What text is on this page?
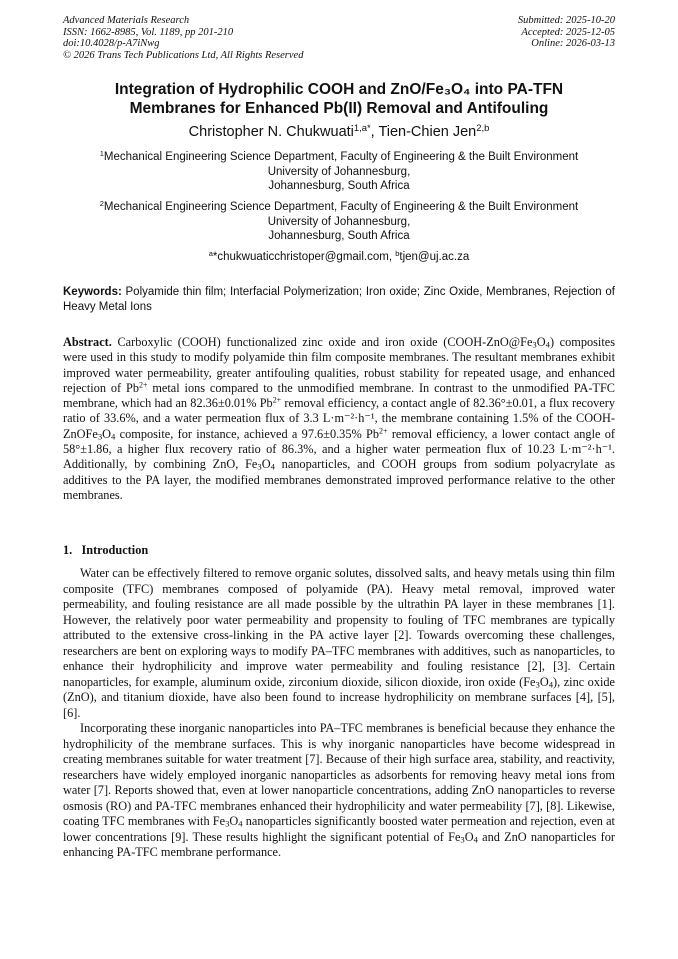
Advanced Materials Research
ISSN: 1662-8985, Vol. 1189, pp 201-210
doi:10.4028/p-A7iNwg
© 2026 Trans Tech Publications Ltd, All Rights Reserved
Submitted: 2025-10-20
Accepted: 2025-12-05
Online: 2026-03-13
Integration of Hydrophilic COOH and ZnO/Fe₃O₄ into PA-TFN
Membranes for Enhanced Pb(II) Removal and Antifouling
Christopher N. Chukwuati$^{1,a*}$, Tien-Chien Jen$^{2,b}$
$^1$Mechanical Engineering Science Department, Faculty of Engineering & the Built Environment
University of Johannesburg,
Johannesburg, South Africa
$^2$Mechanical Engineering Science Department, Faculty of Engineering & the Built Environment
University of Johannesburg,
Johannesburg, South Africa
$^a$*chukwuaticchristoper@gmail.com, $^b$tjen@uj.ac.za
Keywords: Polyamide thin film; Interfacial Polymerization; Iron oxide; Zinc Oxide, Membranes, Rejection of Heavy Metal Ions
Abstract. Carboxylic (COOH) functionalized zinc oxide and iron oxide $(COOH-ZnO@Fe_3O_4)$ composites were used in this study to modify polyamide thin film composite membranes. The resultant membranes exhibit improved water permeability, greater antifouling qualities, robust stability for repeated usage, and enhanced rejection of $Pb^{2+}$ metal ions compared to the unmodified membrane. In contrast to the unmodified PA-TFC membrane, which had an 82.36±0.01% $Pb^{2+}$ removal efficiency, a contact angle of 82.36°±0.01, a flux recovery ratio of 33.6%, and a water permeation flux of 3.3 L·m⁻²·h⁻¹, the membrane containing 1.5% of the COOH-$ZnOFe_3O_4$ composite, for instance, achieved a 97.6±0.35% $Pb^{2+}$ removal efficiency, a lower contact angle of 58°±1.86, a higher flux recovery ratio of 86.3%, and a higher water permeation flux of 10.23 L·m⁻²·h⁻¹. Additionally, by combining ZnO, $Fe_3O_4$ nanoparticles, and COOH groups from sodium polyacrylate as additives to the PA layer, the modified membranes demonstrated improved performance relative to the other membranes.
1.   Introduction

Water can be effectively filtered to remove organic solutes, dissolved salts, and heavy metals using thin film composite (TFC) membranes composed of polyamide (PA). Heavy metal removal, improved water permeability, and fouling resistance are all made possible by the ultrathin PA layer in these membranes [1]. However, the relatively poor water permeability and propensity to fouling of TFC membranes are typically attributed to the extensive cross-linking in the PA active layer [2]. Towards overcoming these challenges, researchers are bent on exploring ways to modify PA–TFC membranes with additives, such as nanoparticles, to enhance their hydrophilicity and improve water permeability and fouling resistance [2], [3]. Certain nanoparticles, for example, aluminum oxide, zirconium dioxide, silicon dioxide, iron oxide $(Fe_3O_4)$, zinc oxide (ZnO), and titanium dioxide, have also been found to increase hydrophilicity on membrane surfaces [4], [5], [6].

Incorporating these inorganic nanoparticles into PA–TFC membranes is beneficial because they enhance the hydrophilicity of the membrane surfaces. This is why inorganic nanoparticles have become widespread in creating membranes suitable for water treatment [7]. Because of their high surface area, stability, and reactivity, researchers have widely employed inorganic nanoparticles as adsorbents for removing heavy metal ions from water [7]. Reports showed that, even at lower nanoparticle concentrations, adding ZnO nanoparticles to reverse osmosis (RO) and PA-TFC membranes enhanced their hydrophilicity and water permeability [7], [8]. Likewise, coating TFC membranes with $Fe_3O_4$ nanoparticles significantly boosted water permeation and rejection, even at lower concentrations [9]. These results highlight the significant potential of $Fe_3O_4$ and ZnO nanoparticles for enhancing PA-TFC membrane performance.
